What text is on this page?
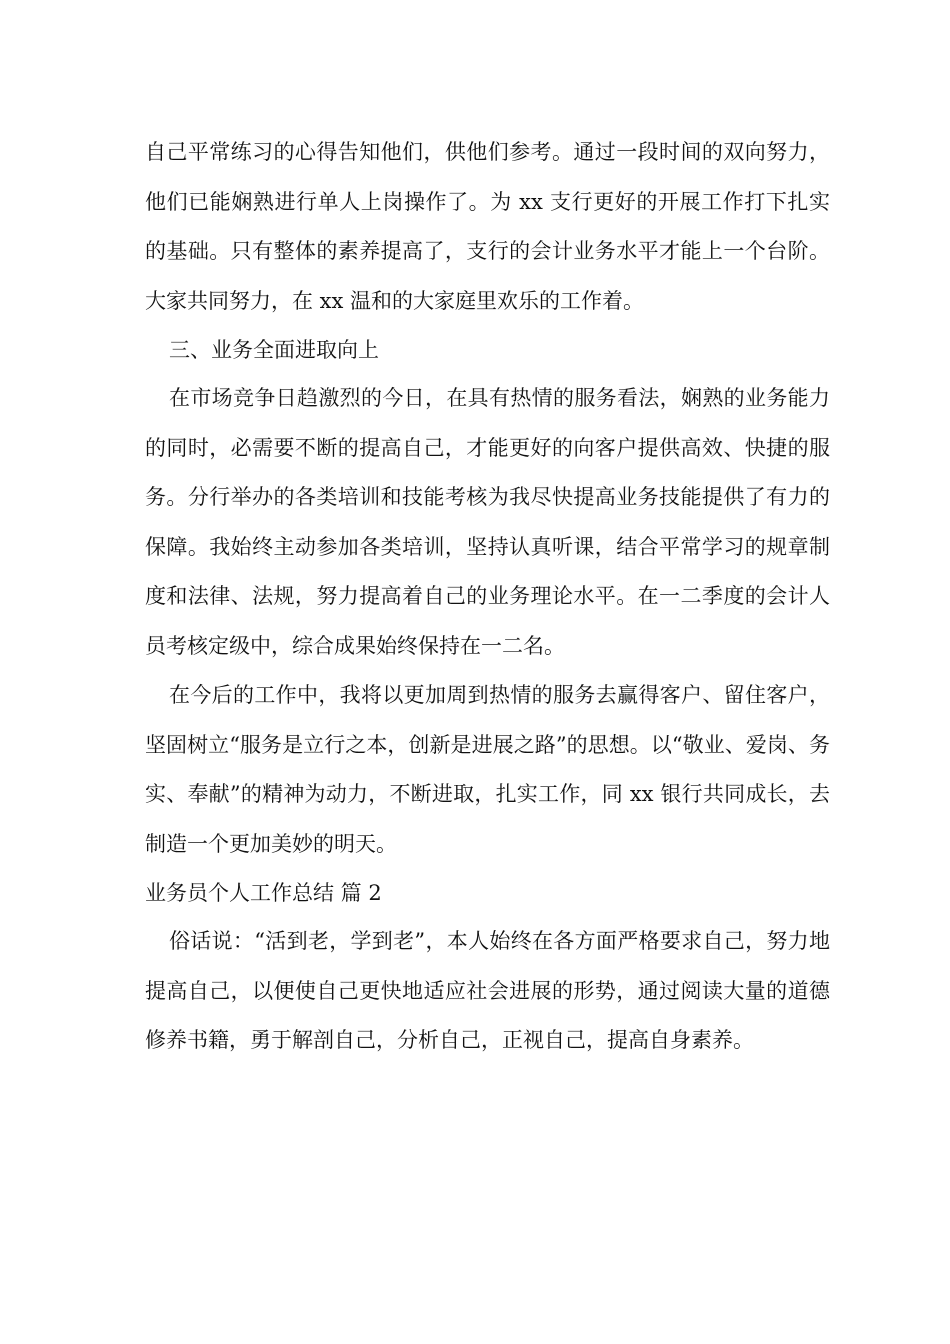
自己平常练习的心得告知他们，供他们参考。通过一段时间的双向努力，他们已能娴熟进行单人上岗操作了。为 xx 支行更好的开展工作打下扎实的基础。只有整体的素养提高了，支行的会计业务水平才能上一个台阶。大家共同努力，在 xx 温和的大家庭里欢乐的工作着。

三、业务全面进取向上

在市场竞争日趋激烈的今日，在具有热情的服务看法，娴熟的业务能力的同时，必需要不断的提高自己，才能更好的向客户提供高效、快捷的服务。分行举办的各类培训和技能考核为我尽快提高业务技能提供了有力的保障。我始终主动参加各类培训，坚持认真听课，结合平常学习的规章制度和法律、法规，努力提高着自己的业务理论水平。在一二季度的会计人员考核定级中，综合成果始终保持在一二名。

在今后的工作中，我将以更加周到热情的服务去赢得客户、留住客户，坚固树立“服务是立行之本，创新是进展之路”的思想。以“敬业、爱岗、务实、奉献”的精神为动力，不断进取，扎实工作，同 xx 银行共同成长，去制造一个更加美妙的明天。

业务员个人工作总结 篇 2

俗话说：“活到老，学到老”，本人始终在各方面严格要求自己，努力地提高自己，以便使自己更快地适应社会进展的形势，通过阅读大量的道德修养书籍，勇于解剖自己，分析自己，正视自己，提高自身素养。
